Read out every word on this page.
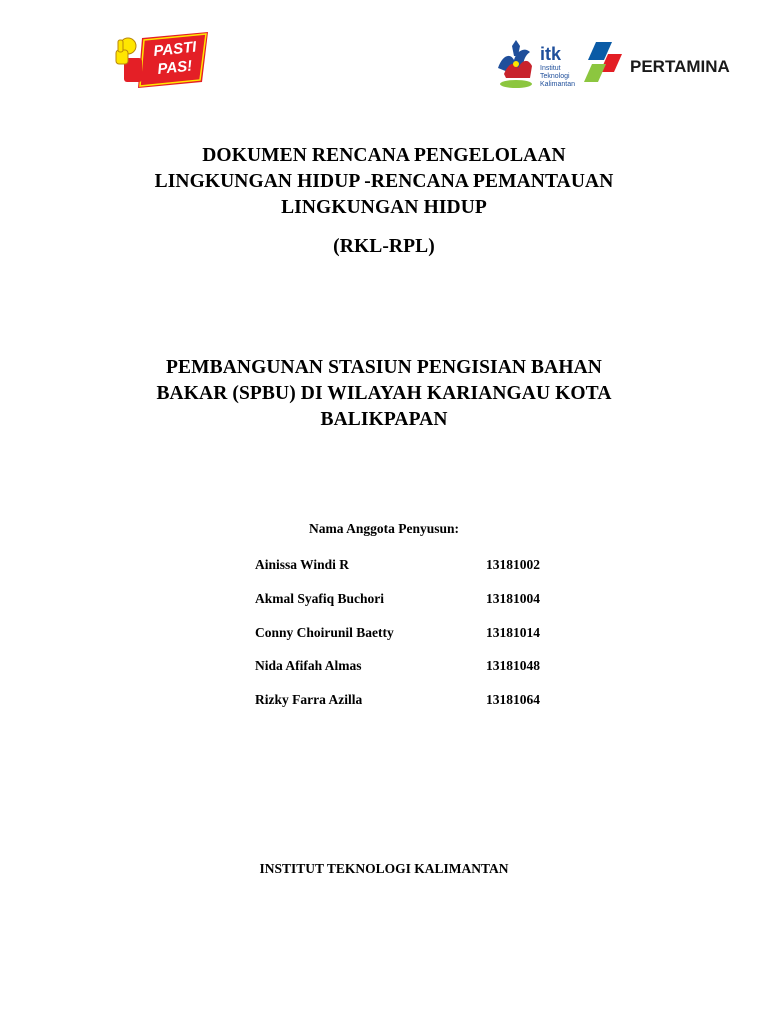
PASTI
PAS!
itk
Institut
Teknologi
Kalimantan
PERTAMINA
DOKUMEN RENCANA PENGELOLAAN
LINGKUNGAN HIDUP -RENCANA PEMANTAUAN
LINGKUNGAN HIDUP
(RKL-RPL)
PEMBANGUNAN STASIUN PENGISIAN BAHAN
BAKAR (SPBU) DI WILAYAH KARIANGAU KOTA
BALIKPAPAN
Nama Anggota Penyusun:
Ainissa Windi R	13181002
Akmal Syafiq Buchori	13181004
Conny Choirunil Baetty	13181014
Nida Afifah Almas	13181048
Rizky Farra Azilla	13181064
INSTITUT TEKNOLOGI KALIMANTAN
